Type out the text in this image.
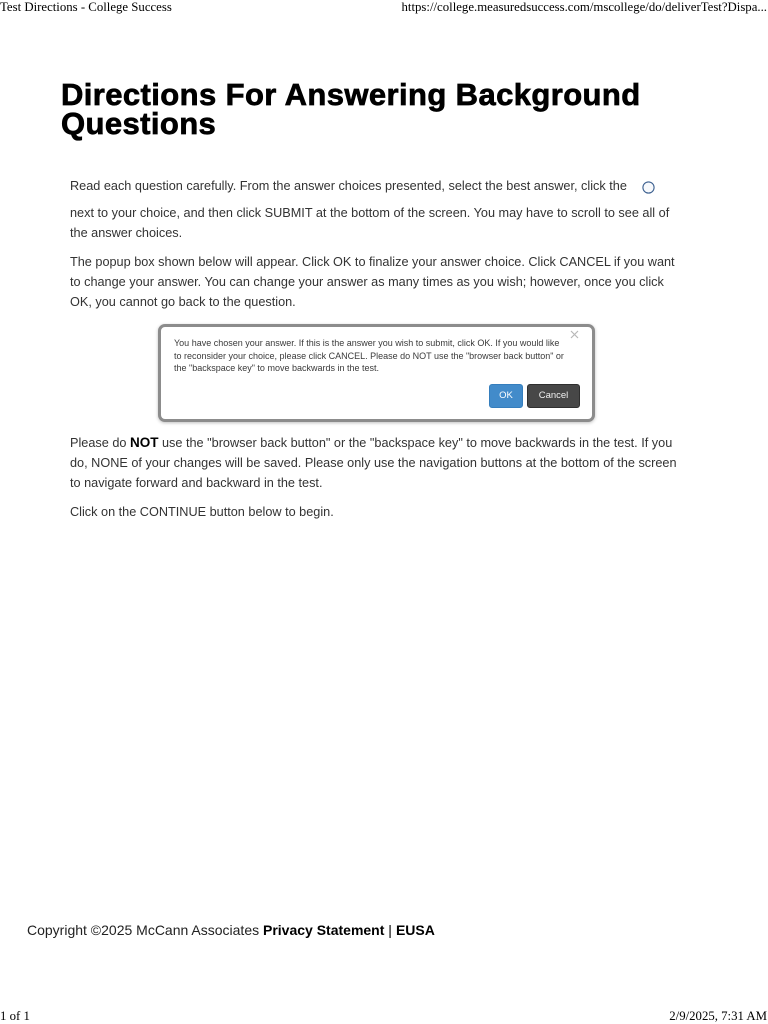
Test Directions - College Success	https://college.measuredsuccess.com/mscollege/do/deliverTest?Dispa...
Directions For Answering Background Questions
Read each question carefully. From the answer choices presented, select the best answer, click the
next to your choice, and then click SUBMIT at the bottom of the screen. You may have to scroll to see all of
the answer choices.
The popup box shown below will appear. Click OK to finalize your answer choice. Click CANCEL if you want
to change your answer. You can change your answer as many times as you wish; however, once you click
OK, you cannot go back to the question.
You have chosen your answer. If this is the answer you wish to submit, click OK. If you would like
to reconsider your choice, please click CANCEL. Please do NOT use the "browser back button" or
the "backspace key" to move backwards in the test.
OK	Cancel
Please do NOT use the "browser back button" or the "backspace key" to move backwards in the test. If you
do, NONE of your changes will be saved. Please only use the navigation buttons at the bottom of the screen
to navigate forward and backward in the test.
Click on the CONTINUE button below to begin.
Copyright ©2025 McCann Associates Privacy Statement | EUSA
1 of 1	2/9/2025, 7:31 AM
